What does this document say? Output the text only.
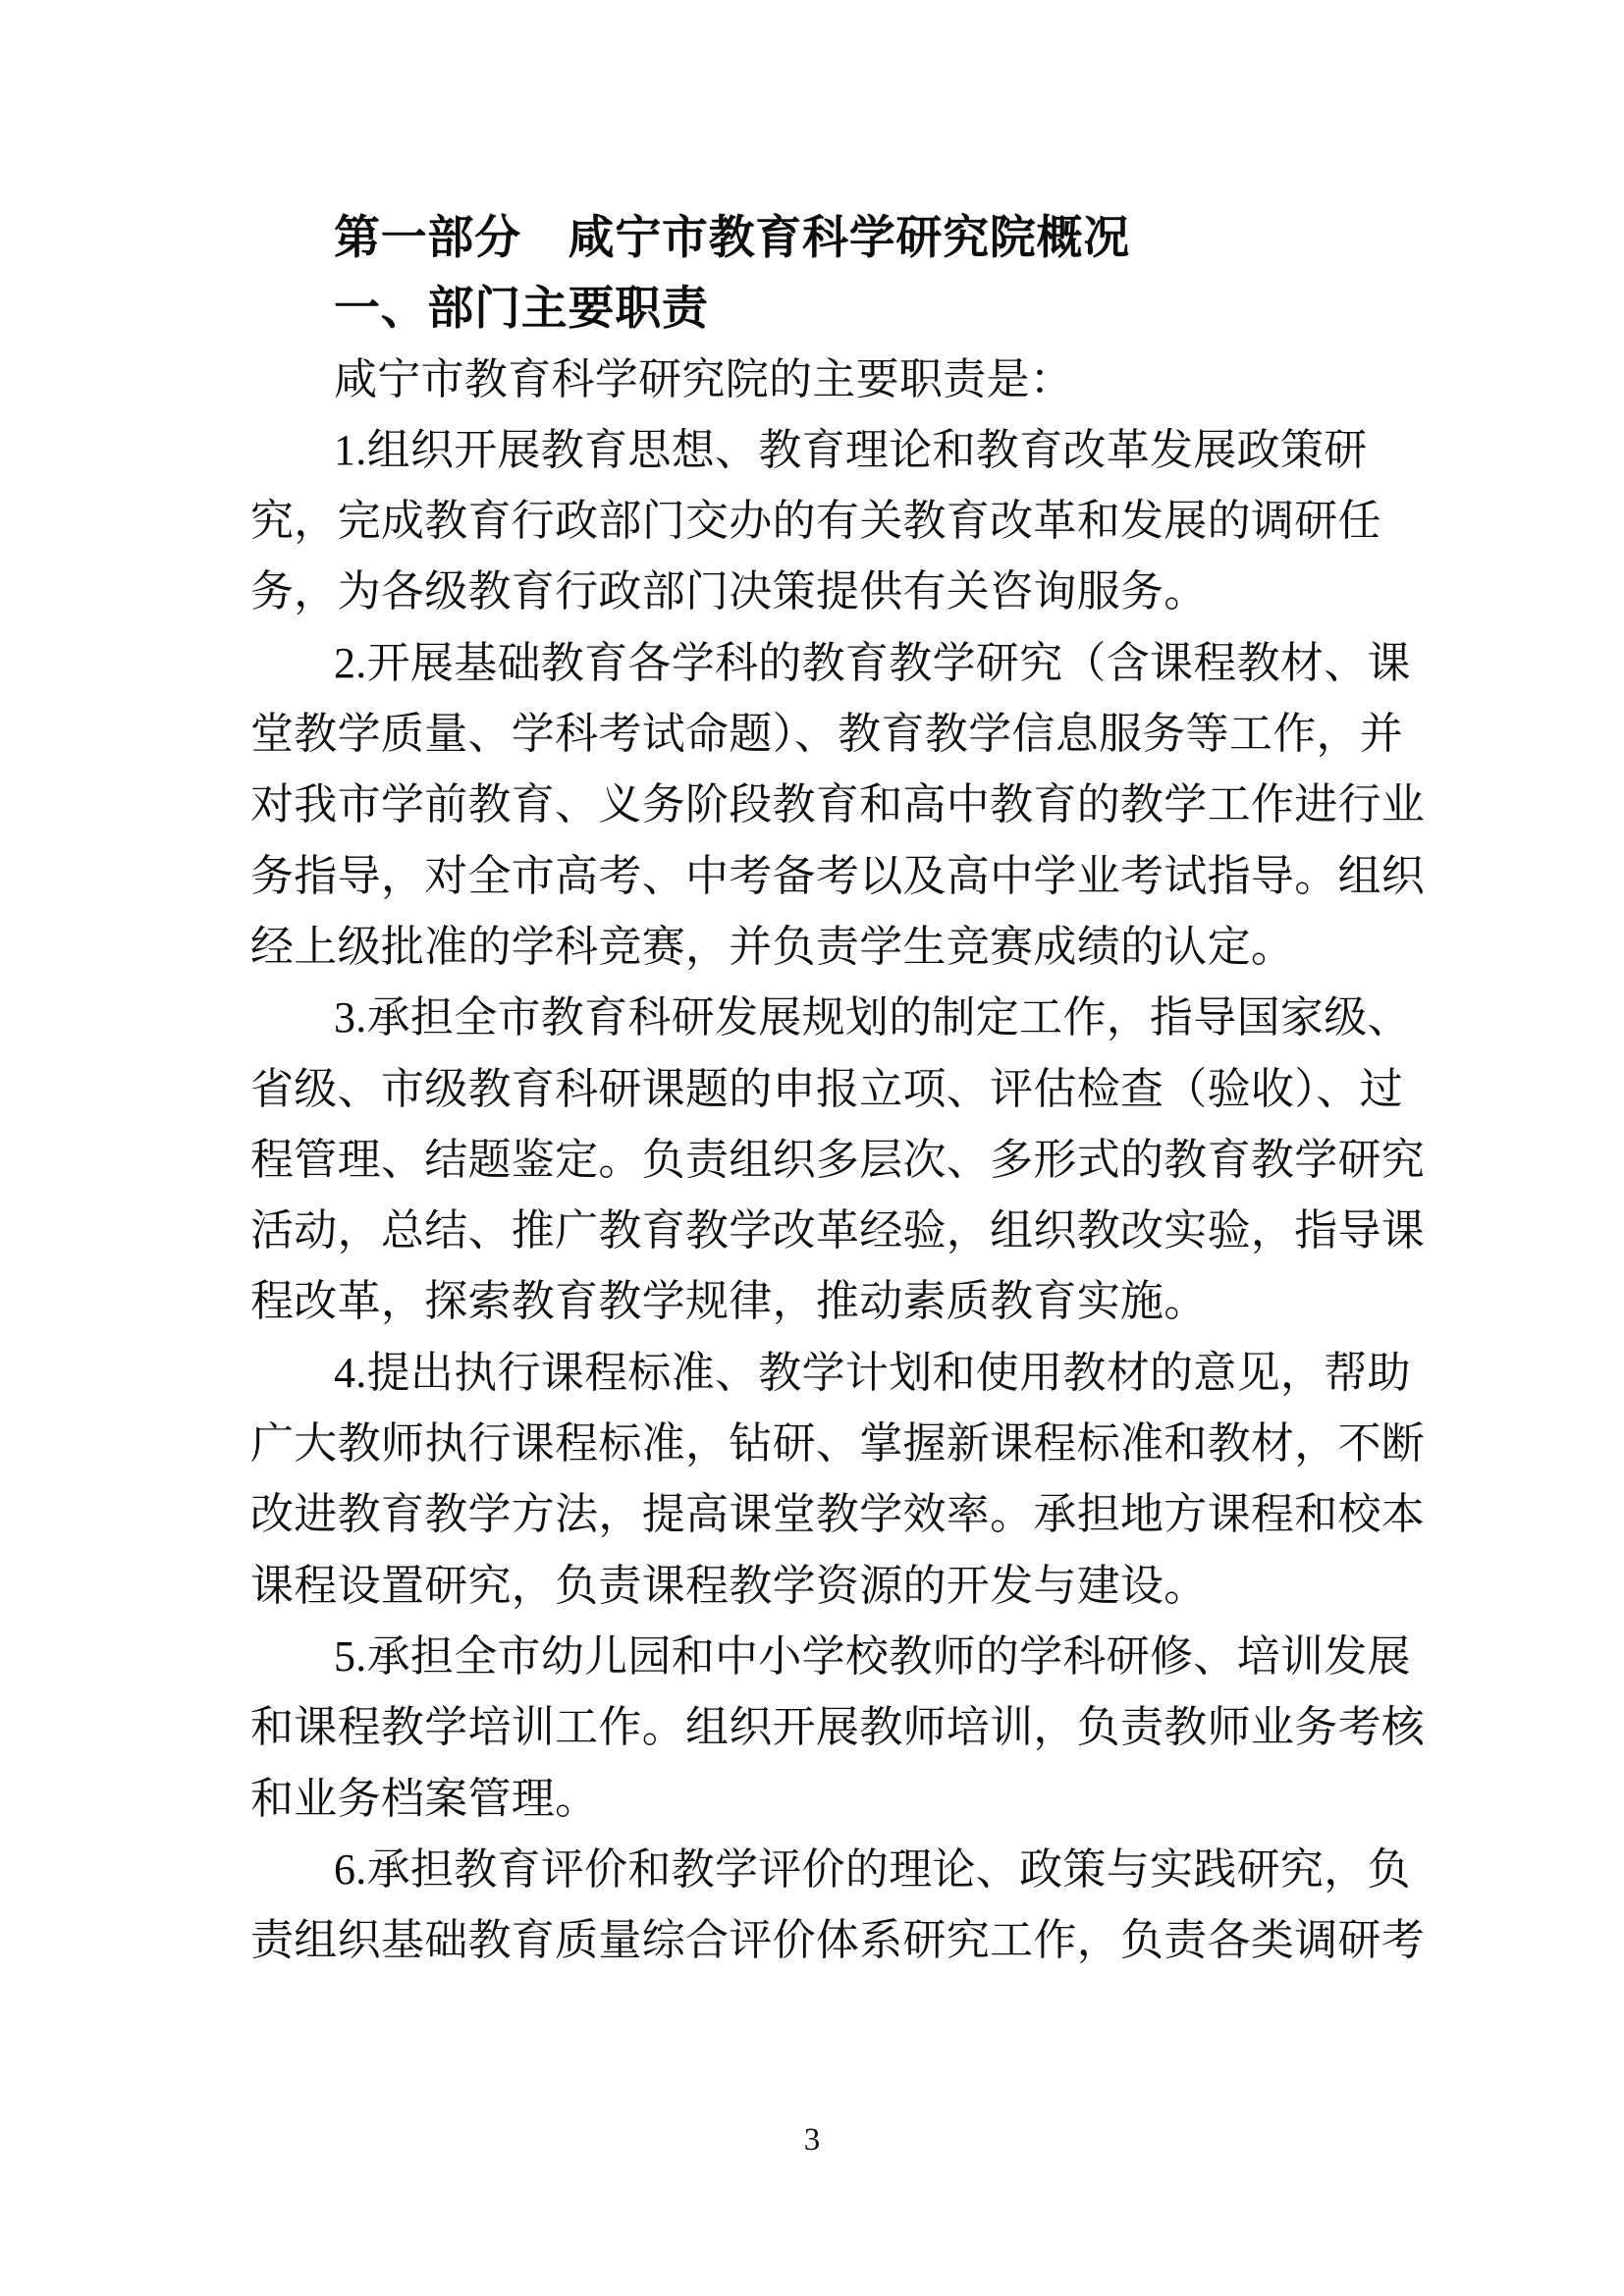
第一部分　咸宁市教育科学研究院概况
一、部门主要职责
咸宁市教育科学研究院的主要职责是：
1.组织开展教育思想、教育理论和教育改革发展政策研
究，完成教育行政部门交办的有关教育改革和发展的调研任
务，为各级教育行政部门决策提供有关咨询服务。
2.开展基础教育各学科的教育教学研究（含课程教材、课
堂教学质量、学科考试命题）、教育教学信息服务等工作，并
对我市学前教育、义务阶段教育和高中教育的教学工作进行业
务指导，对全市高考、中考备考以及高中学业考试指导。组织
经上级批准的学科竞赛，并负责学生竞赛成绩的认定。
3.承担全市教育科研发展规划的制定工作，指导国家级、
省级、市级教育科研课题的申报立项、评估检查（验收）、过
程管理、结题鉴定。负责组织多层次、多形式的教育教学研究
活动，总结、推广教育教学改革经验，组织教改实验，指导课
程改革，探索教育教学规律，推动素质教育实施。
4.提出执行课程标准、教学计划和使用教材的意见，帮助
广大教师执行课程标准，钻研、掌握新课程标准和教材，不断
改进教育教学方法，提高课堂教学效率。承担地方课程和校本
课程设置研究，负责课程教学资源的开发与建设。
5.承担全市幼儿园和中小学校教师的学科研修、培训发展
和课程教学培训工作。组织开展教师培训，负责教师业务考核
和业务档案管理。
6.承担教育评价和教学评价的理论、政策与实践研究，负
责组织基础教育质量综合评价体系研究工作，负责各类调研考
3
